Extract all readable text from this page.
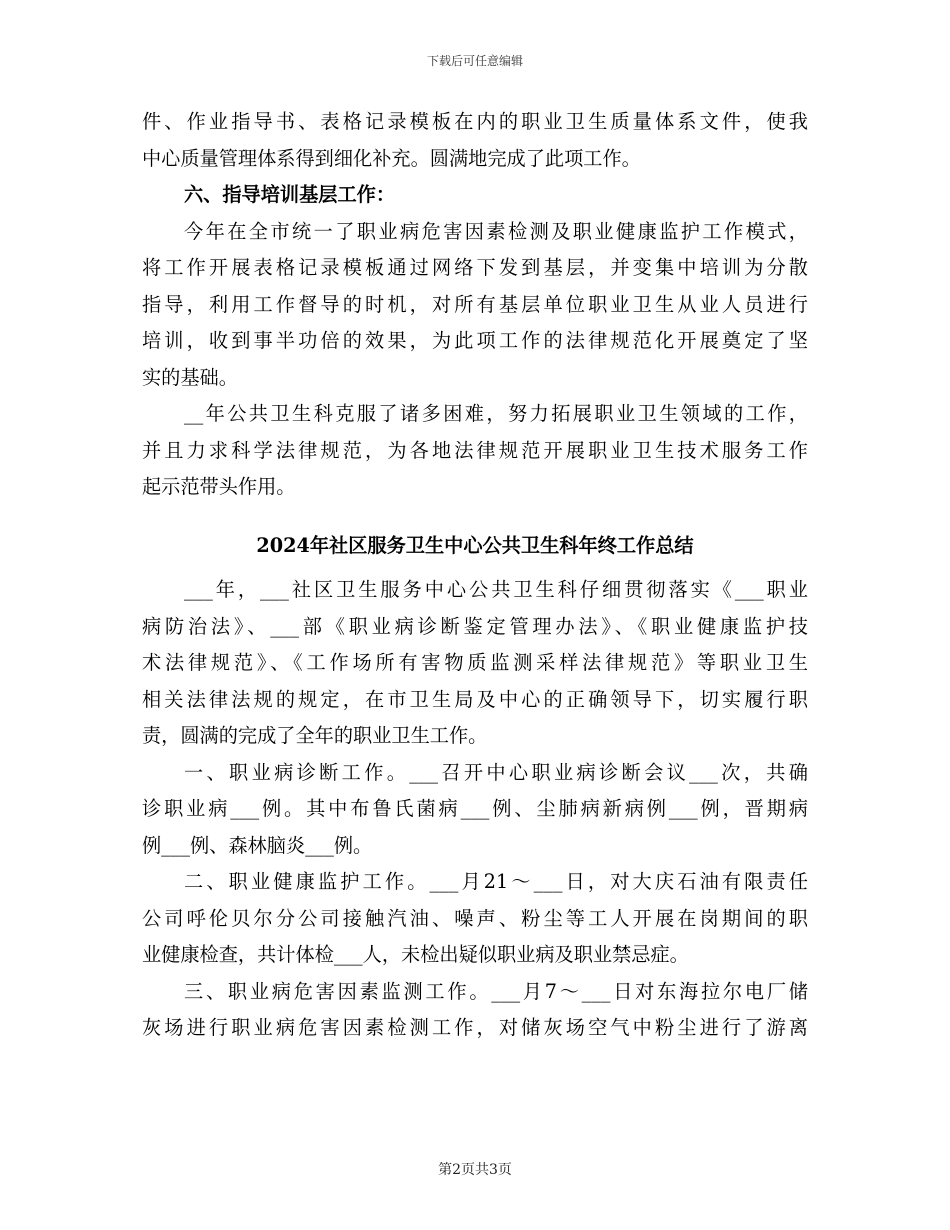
下载后可任意编辑
件、作业指导书、表格记录模板在内的职业卫生质量体系文件，使我
中心质量管理体系得到细化补充。圆满地完成了此项工作。
六、指导培训基层工作：
今年在全市统一了职业病危害因素检测及职业健康监护工作模式，
将工作开展表格记录模板通过网络下发到基层，并变集中培训为分散
指导，利用工作督导的时机，对所有基层单位职业卫生从业人员进行
培训，收到事半功倍的效果，为此项工作的法律规范化开展奠定了坚
实的基础。
__年公共卫生科克服了诸多困难，努力拓展职业卫生领域的工作，
并且力求科学法律规范，为各地法律规范开展职业卫生技术服务工作
起示范带头作用。
2024年社区服务卫生中心公共卫生科年终工作总结
___年，___社区卫生服务中心公共卫生科仔细贯彻落实《___职业
病防治法》、___部《职业病诊断鉴定管理办法》、《职业健康监护技
术法律规范》、《工作场所有害物质监测采样法律规范》等职业卫生
相关法律法规的规定，在市卫生局及中心的正确领导下，切实履行职
责，圆满的完成了全年的职业卫生工作。
一、职业病诊断工作。___召开中心职业病诊断会议___次，共确
诊职业病___例。其中布鲁氏菌病___例、尘肺病新病例___例，晋期病
例___例、森林脑炎___例。
二、职业健康监护工作。___月21～___日，对大庆石油有限责任
公司呼伦贝尔分公司接触汽油、噪声、粉尘等工人开展在岗期间的职
业健康检查，共计体检___人，未检出疑似职业病及职业禁忌症。
三、职业病危害因素监测工作。___月7～___日对东海拉尔电厂储
灰场进行职业病危害因素检测工作，对储灰场空气中粉尘进行了游离
第2页共3页
